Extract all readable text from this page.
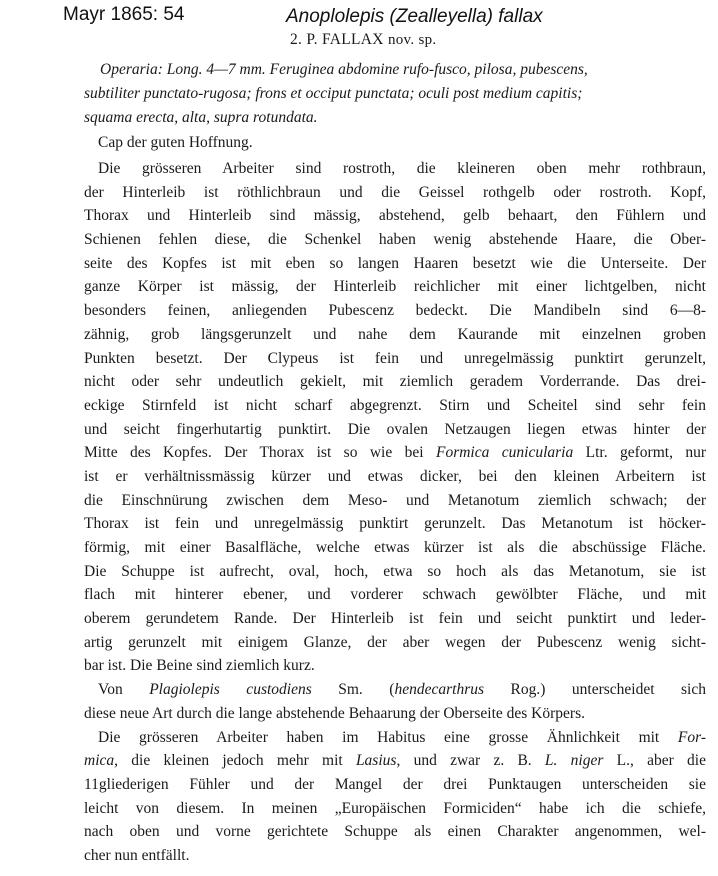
Mayr 1865: 54	Anoplolepis (Zealleyella) fallax
2. P. FALLAX nov. sp.
Operaria: Long. 4—7 mm. Feruginea abdomine rufo-fusco, pilosa, pubescens,
subtiliter punctato-rugosa; frons et occiput punctata; oculi post medium capitis;
squama erecta, alta, supra rotundata.
Cap der guten Hoffnung.
Die grösseren Arbeiter sind rostroth, die kleineren oben mehr rothbraun,
der Hinterleib ist röthlichbraun und die Geissel rothgelb oder rostroth. Kopf,
Thorax und Hinterleib sind mässig, abstehend, gelb behaart, den Fühlern und
Schienen fehlen diese, die Schenkel haben wenig abstehende Haare, die Ober-
seite des Kopfes ist mit eben so langen Haaren besetzt wie die Unterseite. Der
ganze Körper ist mässig, der Hinterleib reichlicher mit einer lichtgelben, nicht
besonders feinen, anliegenden Pubescenz bedeckt. Die Mandibeln sind 6—8-
zähnig, grob längsgerunzelt und nahe dem Kaurande mit einzelnen groben
Punkten besetzt. Der Clypeus ist fein und unregelmässig punktirt gerunzelt,
nicht oder sehr undeutlich gekielt, mit ziemlich geradem Vorderrande. Das drei-
eckige Stirnfeld ist nicht scharf abgegrenzt. Stirn und Scheitel sind sehr fein
und seicht fingerhutartig punktirt. Die ovalen Netzaugen liegen etwas hinter der
Mitte des Kopfes. Der Thorax ist so wie bei Formica cunicularia Ltr. geformt, nur
ist er verhältnissmässig kürzer und etwas dicker, bei den kleinen Arbeitern ist
die Einschnürung zwischen dem Meso- und Metanotum ziemlich schwach; der
Thorax ist fein und unregelmässig punktirt gerunzelt. Das Metanotum ist höcker-
förmig, mit einer Basalfläche, welche etwas kürzer ist als die abschüssige Fläche.
Die Schuppe ist aufrecht, oval, hoch, etwa so hoch als das Metanotum, sie ist
flach mit hinterer ebener, und vorderer schwach gewölbter Fläche, und mit
oberem gerundetem Rande. Der Hinterleib ist fein und seicht punktirt und leder-
artig gerunzelt mit einigem Glanze, der aber wegen der Pubescenz wenig sicht-
bar ist. Die Beine sind ziemlich kurz.
Von Plagiolepis custodiens Sm. (hendecarthrus Rog.) unterscheidet sich
diese neue Art durch die lange abstehende Behaarung der Oberseite des Körpers.
Die grösseren Arbeiter haben im Habitus eine grosse Ähnlichkeit mit For-
mica, die kleinen jedoch mehr mit Lasius, und zwar z. B. L. niger L., aber die
11gliederigen Fühler und der Mangel der drei Punktaugen unterscheiden sie
leicht von diesem. In meinen „Europäischen Formiciden“ habe ich die schiefe,
nach oben und vorne gerichtete Schuppe als einen Charakter angenommen, wel-
cher nun entfällt.
